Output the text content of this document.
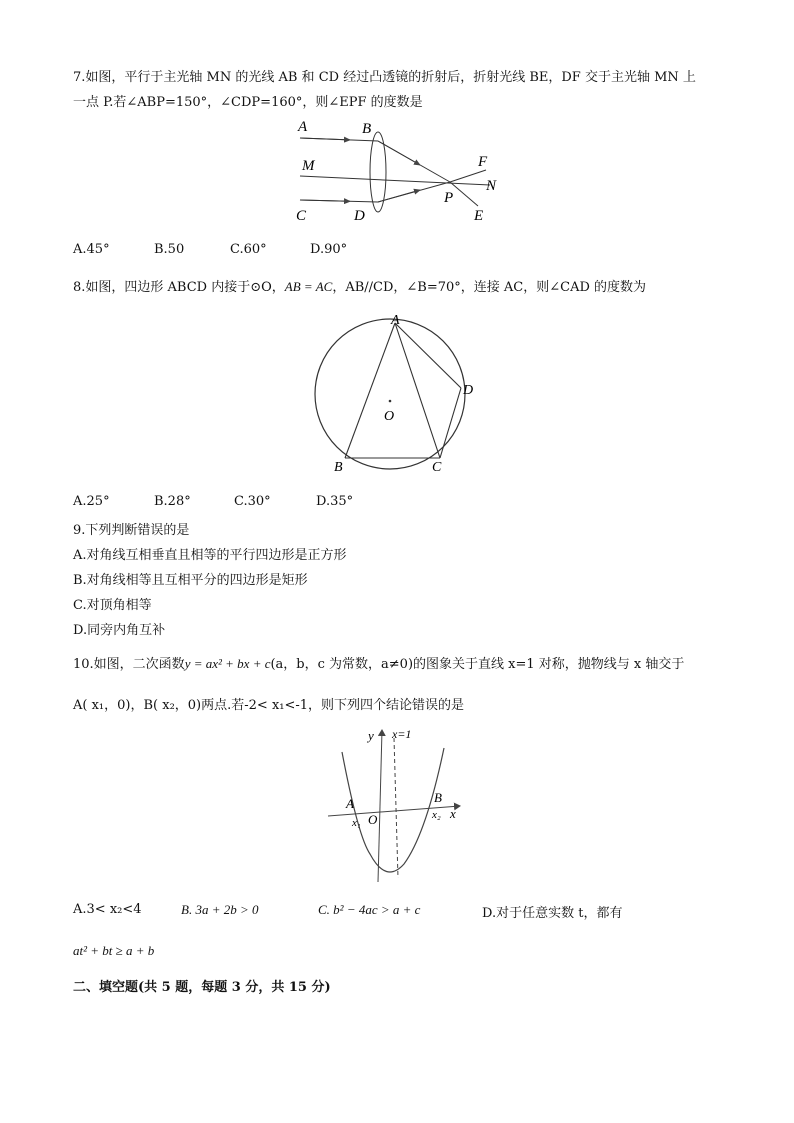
7.如图，平行于主光轴 MN 的光线 AB 和 CD 经过凸透镜的折射后，折射光线 BE，DF 交于主光轴 MN 上
一点 P.若∠ABP=150°，∠CDP=160°，则∠EPF 的度数是
A	B
M
C	D
P
F
N
E
A.45°	B.50	C.60°	D.90°
8.如图，四边形 ABCD 内接于⊙O，AB = AC，AB//CD，∠B=70°，连接 AC，则∠CAD 的度数为
A
B	C
D
O
A.25°	B.28°	C.30°	D.35°
9.下列判断错误的是
A.对角线互相垂直且相等的平行四边形是正方形
B.对角线相等且互相平分的四边形是矩形
C.对顶角相等
D.同旁内角互补
10.如图，二次函数y = ax² + bx + c(a，b，c 为常数，a≠0)的图象关于直线 x=1 对称，抛物线与 x 轴交于
A( x₁，0)，B( x₂，0)两点.若-2< x₁<-1，则下列四个结论错误的是
y x=1
A	B
O
x₁
x₂ x
A.3< x₂<4	B. 3a + 2b > 0	C. b² − 4ac > a + c	D.对于任意实数 t，都有
at² + bt ≥ a + b
二、填空题(共 5 题，每题 3 分，共 15 分)
